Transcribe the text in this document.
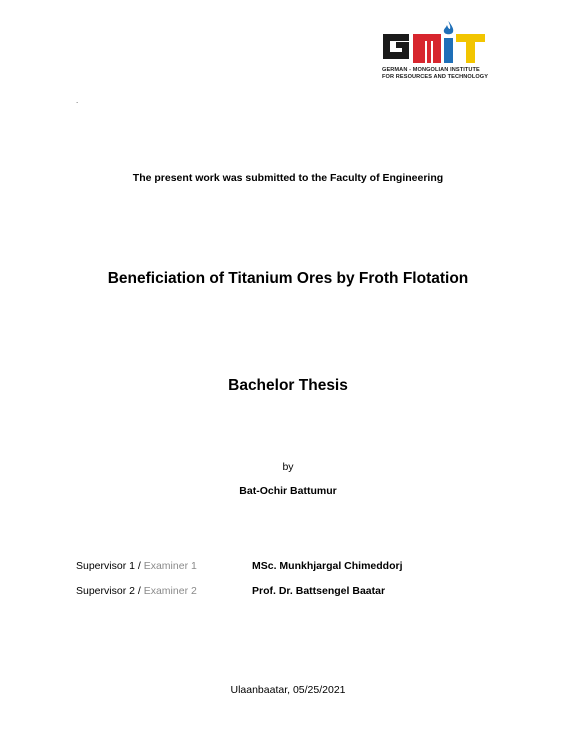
GERMAN - MONGOLIAN INSTITUTE
FOR RESOURCES AND TECHNOLOGY
.
The present work was submitted to the Faculty of Engineering
Beneficiation of Titanium Ores by Froth Flotation
Bachelor Thesis
by
Bat-Ochir Battumur
Supervisor 1 / Examiner 1	MSc. Munkhjargal Chimeddorj
Supervisor 2 / Examiner 2	Prof. Dr. Battsengel Baatar
Ulaanbaatar, 05/25/2021
